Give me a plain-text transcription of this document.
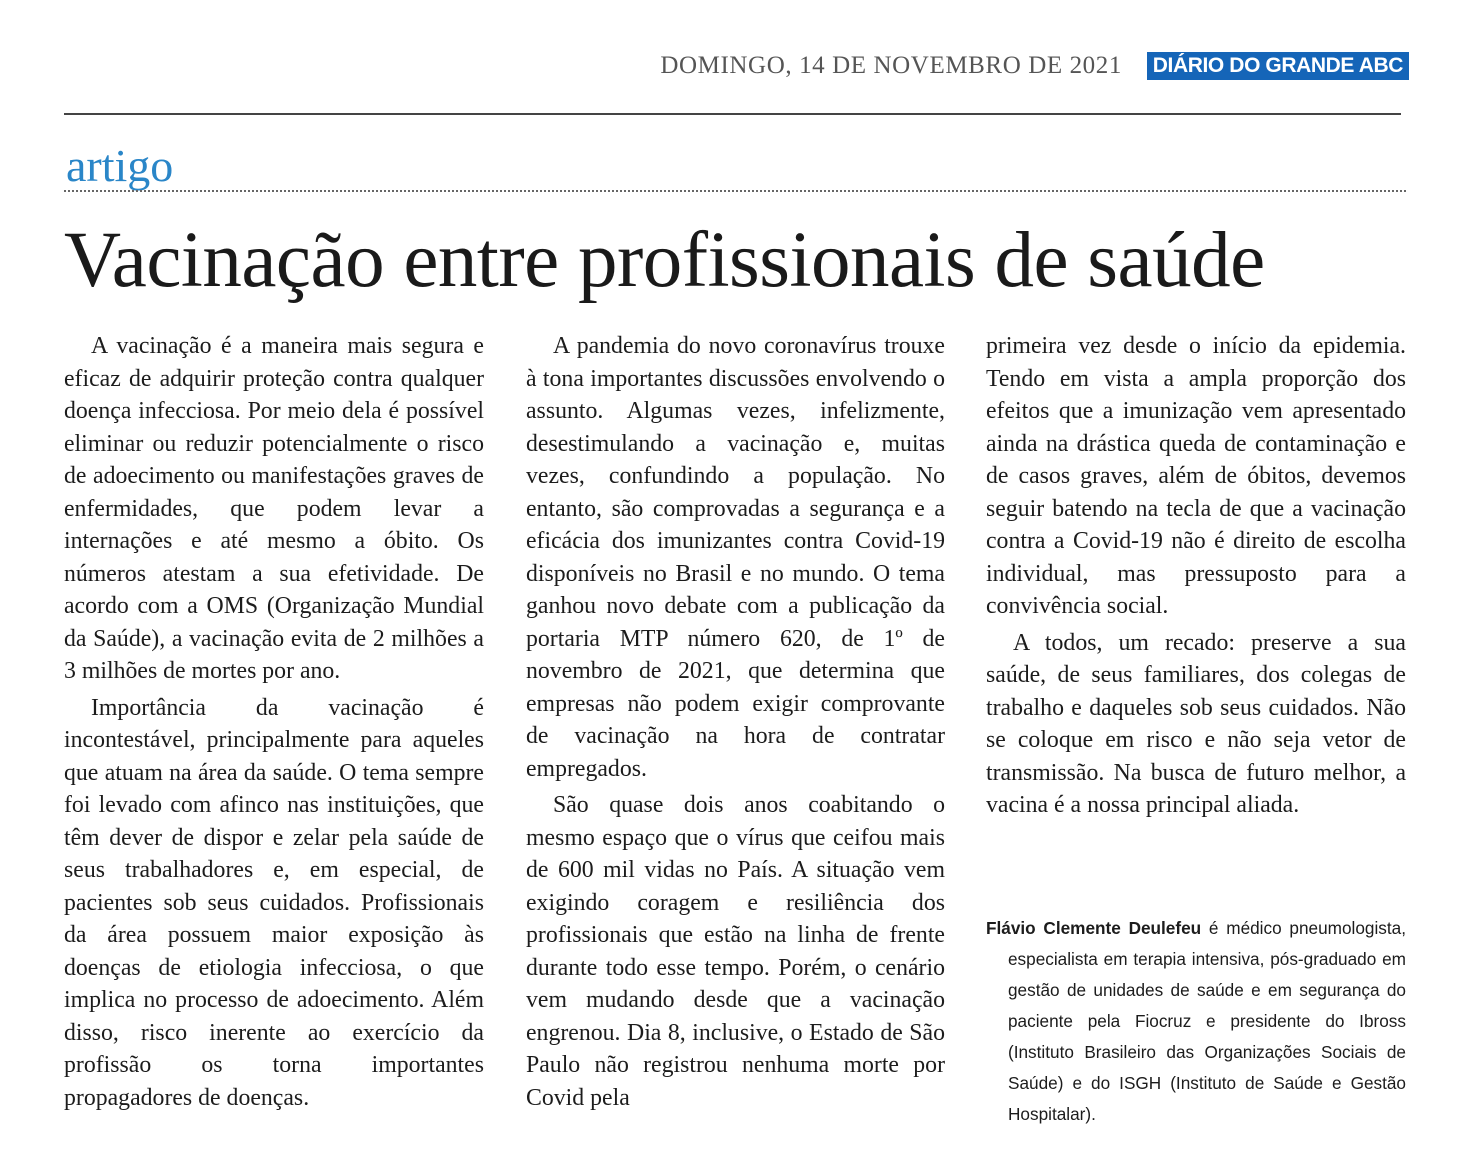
DOMINGO, 14 DE NOVEMBRO DE 2021 DIÁRIO DO GRANDE ABC
artigo
Vacinação entre profissionais de saúde

A vacinação é a maneira mais segura e eficaz de adquirir proteção contra qualquer doença infecciosa. Por meio dela é possível eliminar ou reduzir potencialmente o risco de adoecimento ou manifestações graves de enfermidades, que podem levar a internações e até mesmo a óbito. Os números atestam a sua efetividade. De acordo com a OMS (Organização Mundial da Saúde), a vacinação evita de 2 milhões a 3 milhões de mortes por ano.

Importância da vacinação é incontestável, principalmente para aqueles que atuam na área da saúde. O tema sempre foi levado com afinco nas instituições, que têm dever de dispor e zelar pela saúde de seus trabalhadores e, em especial, de pacientes sob seus cuidados. Profissionais da área possuem maior exposição às doenças de etiologia infecciosa, o que implica no processo de adoecimento. Além disso, risco inerente ao exercício da profissão os torna importantes propagadores de doenças.

A pandemia do novo coronavírus trouxe à tona importantes discussões envolvendo o assunto. Algumas vezes, infelizmente, desestimulando a vacinação e, muitas vezes, confundindo a população. No entanto, são comprovadas a segurança e a eficácia dos imunizantes contra Covid-19 disponíveis no Brasil e no mundo. O tema ganhou novo debate com a publicação da portaria MTP número 620, de 1º de novembro de 2021, que determina que empresas não podem exigir comprovante de vacinação na hora de contratar empregados.

São quase dois anos coabitando o mesmo espaço que o vírus que ceifou mais de 600 mil vidas no País. A situação vem exigindo coragem e resiliência dos profissionais que estão na linha de frente durante todo esse tempo. Porém, o cenário vem mudando desde que a vacinação engrenou. Dia 8, inclusive, o Estado de São Paulo não registrou nenhuma morte por Covid pela

primeira vez desde o início da epidemia. Tendo em vista a ampla proporção dos efeitos que a imunização vem apresentado ainda na drástica queda de contaminação e de casos graves, além de óbitos, devemos seguir batendo na tecla de que a vacinação contra a Covid-19 não é direito de escolha individual, mas pressuposto para a convivência social.

A todos, um recado: preserve a sua saúde, de seus familiares, dos colegas de trabalho e daqueles sob seus cuidados. Não se coloque em risco e não seja vetor de transmissão. Na busca de futuro melhor, a vacina é a nossa principal aliada.

Flávio Clemente Deulefeu é médico pneumologista, especialista em terapia intensiva, pós-graduado em gestão de unidades de saúde e em segurança do paciente pela Fiocruz e presidente do Ibross (Instituto Brasileiro das Organizações Sociais de Saúde) e do ISGH (Instituto de Saúde e Gestão Hospitalar).
